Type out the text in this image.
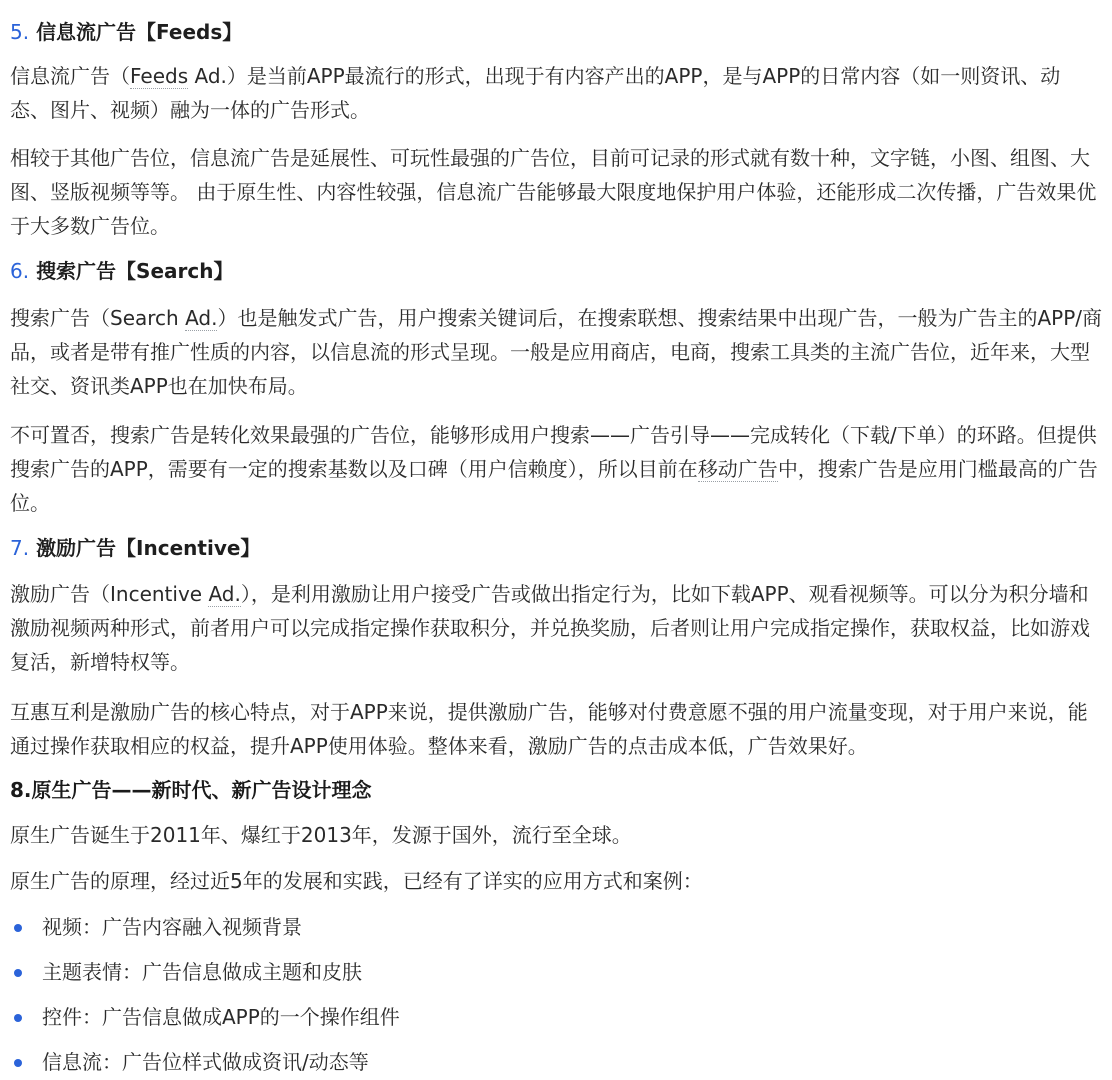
5. 信息流广告【Feeds】

信息流广告（Feeds Ad.）是当前APP最流行的形式，出现于有内容产出的APP，是与APP的日常内容（如一则资讯、动态、图片、视频）融为一体的广告形式。

相较于其他广告位，信息流广告是延展性、可玩性最强的广告位，目前可记录的形式就有数十种，文字链，小图、组图、大图、竖版视频等等。 由于原生性、内容性较强，信息流广告能够最大限度地保护用户体验，还能形成二次传播，广告效果优于大多数广告位。

6. 搜索广告【Search】

搜索广告（Search Ad.）也是触发式广告，用户搜索关键词后，在搜索联想、搜索结果中出现广告，一般为广告主的APP/商品，或者是带有推广性质的内容，以信息流的形式呈现。一般是应用商店，电商，搜索工具类的主流广告位，近年来，大型社交、资讯类APP也在加快布局。

不可置否，搜索广告是转化效果最强的广告位，能够形成用户搜索——广告引导——完成转化（下载/下单）的环路。但提供搜索广告的APP，需要有一定的搜索基数以及口碑（用户信赖度），所以目前在移动广告中，搜索广告是应用门槛最高的广告位。

7. 激励广告【Incentive】

激励广告（Incentive Ad.），是利用激励让用户接受广告或做出指定行为，比如下载APP、观看视频等。可以分为积分墙和激励视频两种形式，前者用户可以完成指定操作获取积分，并兑换奖励，后者则让用户完成指定操作，获取权益，比如游戏复活，新增特权等。

互惠互利是激励广告的核心特点，对于APP来说，提供激励广告，能够对付费意愿不强的用户流量变现，对于用户来说，能通过操作获取相应的权益，提升APP使用体验。整体来看，激励广告的点击成本低，广告效果好。

8.原生广告——新时代、新广告设计理念

原生广告诞生于2011年、爆红于2013年，发源于国外，流行至全球。

原生广告的原理，经过近5年的发展和实践，已经有了详实的应用方式和案例：

视频：广告内容融入视频背景
主题表情：广告信息做成主题和皮肤
控件：广告信息做成APP的一个操作组件
信息流：广告位样式做成资讯/动态等
